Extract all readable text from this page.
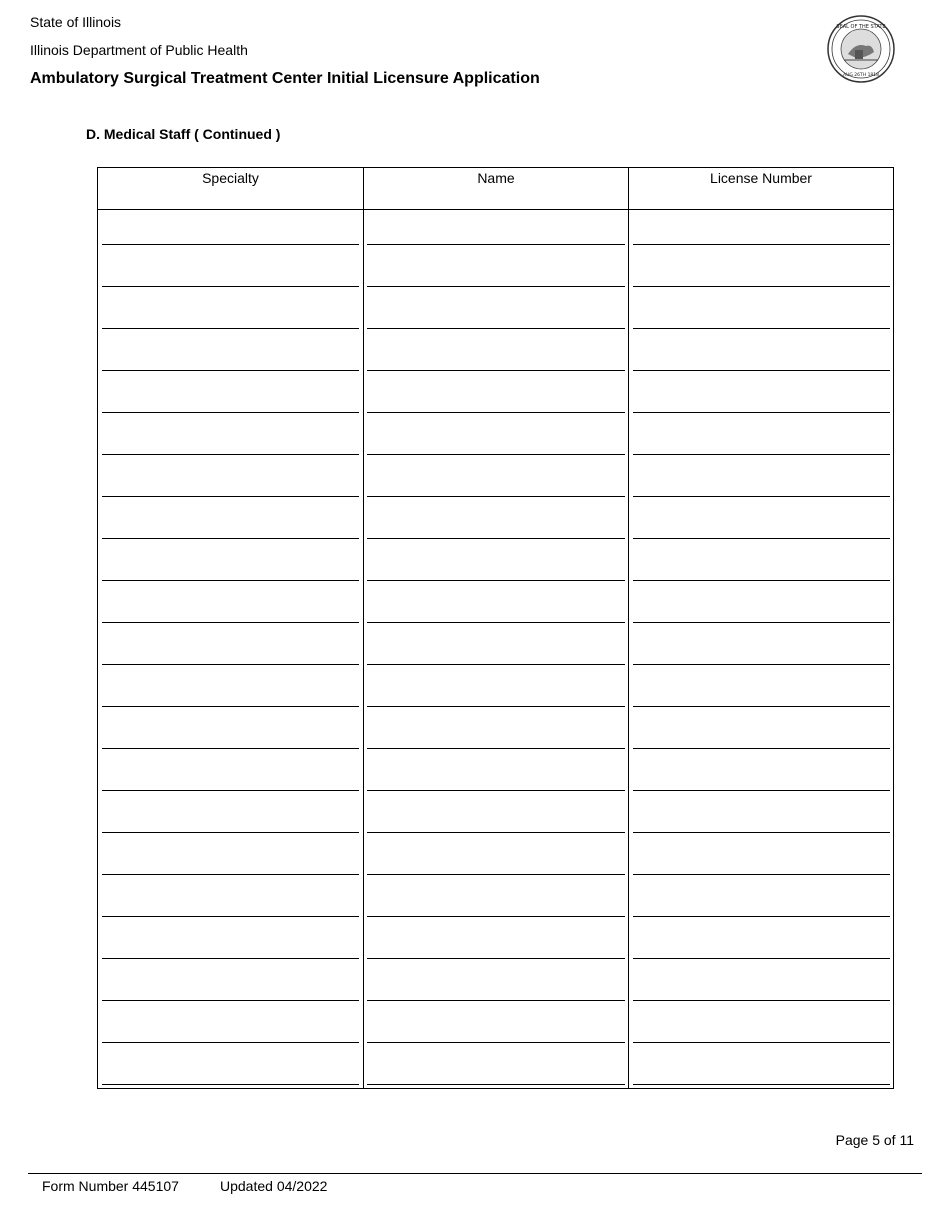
State of Illinois
Illinois Department of Public Health
Ambulatory Surgical Treatment Center Initial Licensure Application
SEAL OF THE STATE
AUG 26TH 1818
D. Medical Staff ( Continued )
Specialty	Name	License Number
Page 5 of 11
Form Number 445107	Updated 04/2022
